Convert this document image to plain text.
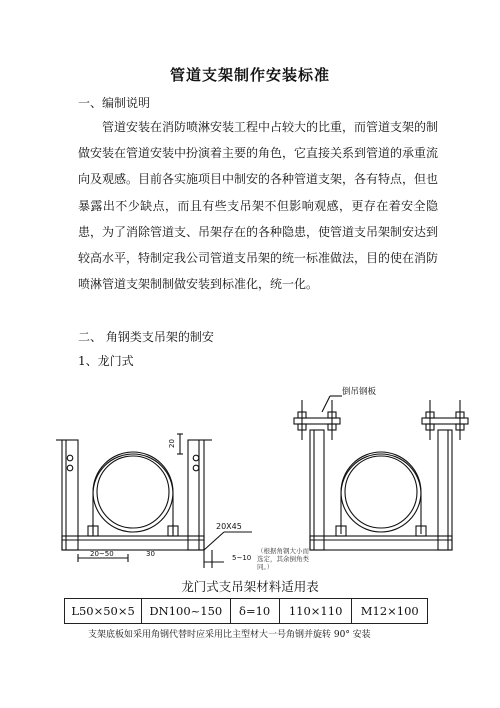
管道支架制作安装标准
一、编制说明

管道安装在消防喷淋安装工程中占较大的比重，而管道支架的制做安装在管道安装中扮演着主要的角色，它直接关系到管道的承重流向及观感。目前各实施项目中制安的各种管道支架，各有特点，但也暴露出不少缺点，而且有些支吊架不但影响观感，更存在着安全隐患，为了消除管道支、吊架存在的各种隐患，使管道支吊架制安达到较高水平，特制定我公司管道支吊架的统一标准做法，目的使在消防喷淋管道支架制制做安装到标准化，统一化。

二、 角钢类支吊架的制安
1、龙门式
倒吊钢板
20
20X45
20~50	30	5~10
（根据角钢大小而
选定，其余倒角类
同。）
龙门式支吊架材料适用表
L50×50×5	DN100~150	δ=10	110×110	M12×100
支架底板如采用角钢代替时应采用比主型材大一号角钢并旋转 90° 安装
